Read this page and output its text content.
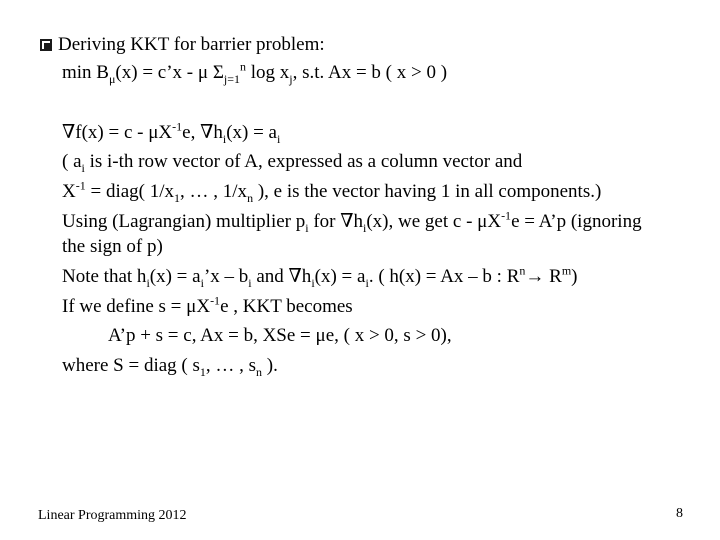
Deriving KKT for barrier problem:
$\min B_\mu(x)$ = c’x - μ $\Sigma_{j=1}^n$ $\log x_j$, s.t. Ax = b ( x > 0 )
$\nabla f(x) = c - \mu X^{-1}e$, $\nabla h_i(x) = a_i$
( $a_i$ is i-th row vector of A, expressed as a column vector and
$X^{-1}$ = diag( $1/x_1$, … , $1/x_n$ ), e is the vector having 1 in all components.)
Using (Lagrangian) multiplier $p_i$ for $\nabla h_i(x)$, we get c - $\mu X^{-1}e$ = A’p (ignoring
the sign of p)
Note that $h_i(x)$ = $a_i’x - b_i$ and $\nabla h_i(x) = a_i$. ( h(x) = Ax – b : $R^n\to R^m$)
If we define $s = \mu X^{-1}e$ , KKT becomes
A’p + s = c, Ax = b, XSe = μe, ( x > 0, s > 0),
where S = diag ( $s_1$, … , $s_n$ ).
Linear Programming 2012	8
